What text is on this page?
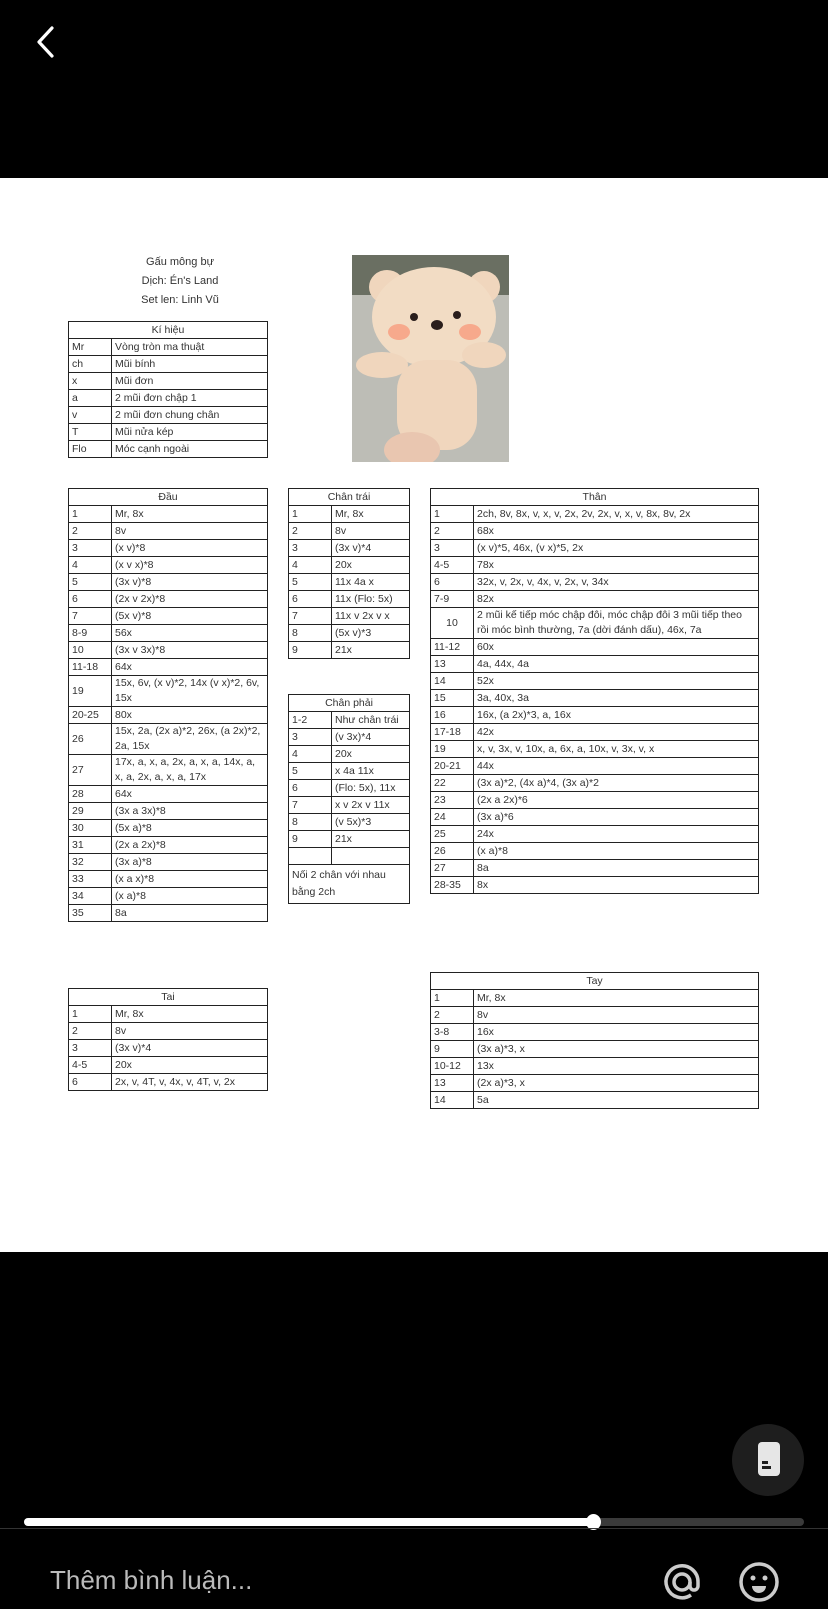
Gấu mông bự
Dịch: Én's Land
Set len: Linh Vũ
Kí hiệu	
Mr	Vòng tròn ma thuật
ch	Mũi bính
x	Mũi đơn
a	2 mũi đơn chập 1
v	2 mũi đơn chung chân
T	Mũi nửa kép
Flo	Móc cạnh ngoài
Đầu	
1	Mr, 8x
2	8v
3	(x v)*8
4	(x v x)*8
5	(3x v)*8
6	(2x v 2x)*8
7	(5x v)*8
8-9	56x
10	(3x v 3x)*8
11-18	64x
19	15x, 6v, (x v)*2, 14x (v x)*2, 6v, 15x
20-25	80x
26	15x, 2a, (2x a)*2, 26x, (a 2x)*2, 2a, 15x
27	17x, a, x, a, 2x, a, x, a, 14x, a, x, a, 2x, a, x, a, 17x
28	64x
29	(3x a 3x)*8
30	(5x a)*8
31	(2x a 2x)*8
32	(3x a)*8
33	(x a x)*8
34	(x a)*8
35	8a
Tai	
1	Mr, 8x
2	8v
3	(3x v)*4
4-5	20x
6	2x, v, 4T, v, 4x, v, 4T, v, 2x
Chân trái	
1	Mr, 8x
2	8v
3	(3x v)*4
4	20x
5	11x 4a x
6	11x (Flo: 5x)
7	11x v 2x v x
8	(5x v)*3
9	21x
Chân phải	
1-2	Như chân trái
3	(v 3x)*4
4	20x
5	x 4a 11x
6	(Flo: 5x), 11x
7	x v 2x v 11x
8	(v 5x)*3
9	21x

Nối 2 chân với nhau bằng 2ch	
Thân	
1	2ch, 8v, 8x, v, x, v, 2x, 2v, 2x, v, x, v, 8x, 8v, 2x
2	68x
3	(x v)*5, 46x, (v x)*5, 2x
4-5	78x
6	32x, v, 2x, v, 4x, v, 2x, v, 34x
7-9	82x
10	2 mũi kế tiếp móc chập đôi, móc chập đôi 3 mũi tiếp theo rồi móc bình thường, 7a (dời đánh dấu), 46x, 7a
11-12	60x
13	4a, 44x, 4a
14	52x
15	3a, 40x, 3a
16	16x, (a 2x)*3, a, 16x
17-18	42x
19	x, v, 3x, v, 10x, a, 6x, a, 10x, v, 3x, v, x
20-21	44x
22	(3x a)*2, (4x a)*4, (3x a)*2
23	(2x a 2x)*6
24	(3x a)*6
25	24x
26	(x a)*8
27	8a
28-35	8x
Tay	
1	Mr, 8x
2	8v
3-8	16x
9	(3x a)*3, x
10-12	13x
13	(2x a)*3, x
14	5a
Thêm bình luận...
